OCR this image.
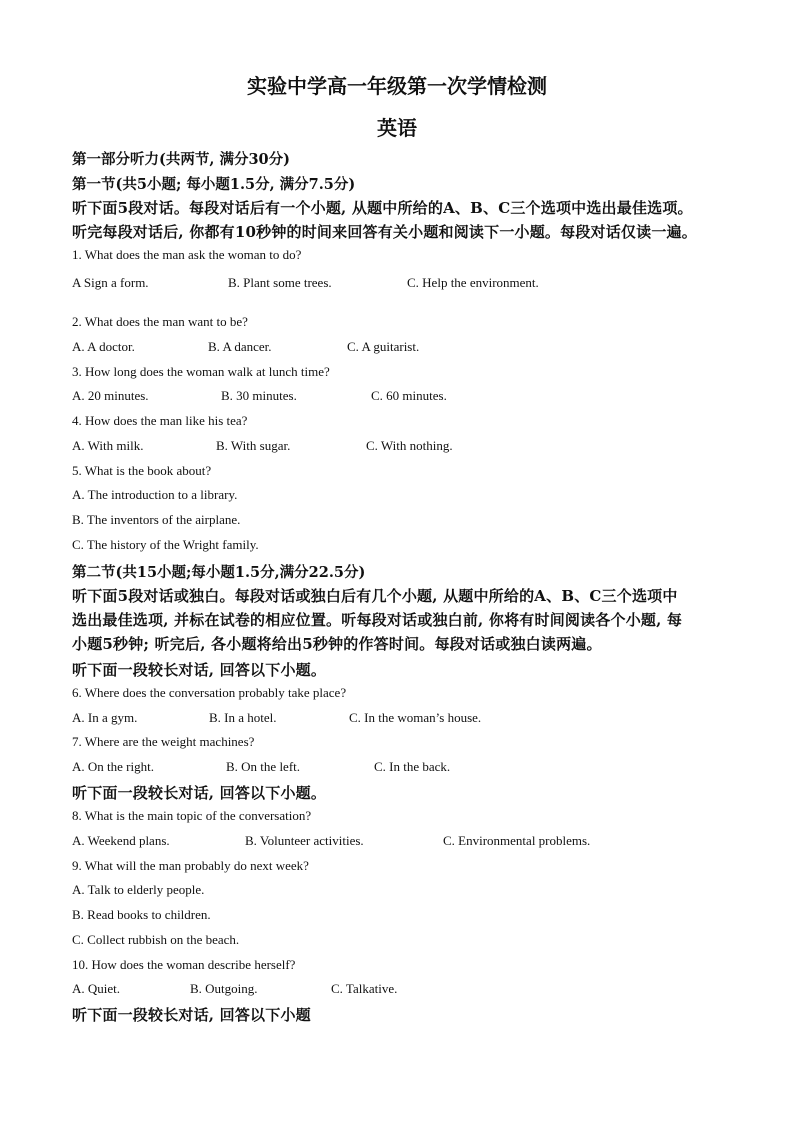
实验中学高一年级第一次学情检测
英语
第一部分听力(共两节, 满分30分)
第一节(共5小题; 每小题1.5分, 满分7.5分)
听下面5段对话。每段对话后有一个小题, 从题中所给的A、B、C三个选项中选出最佳选项。
听完每段对话后, 你都有10秒钟的时间来回答有关小题和阅读下一小题。每段对话仅读一遍。
1. What does the man ask the woman to do?
A Sign a form.	B. Plant some trees.	C. Help the environment.
2. What does the man want to be?
A. A doctor.	B. A dancer.	C. A guitarist.
3. How long does the woman walk at lunch time?
A. 20 minutes.	B. 30 minutes.	C. 60 minutes.
4. How does the man like his tea?
A. With milk.	B. With sugar.	C. With nothing.
5. What is the book about?
A. The introduction to a library.
B. The inventors of the airplane.
C. The history of the Wright family.
第二节(共15小题;每小题1.5分,满分22.5分)
听下面5段对话或独白。每段对话或独白后有几个小题, 从题中所给的A、B、C三个选项中
选出最佳选项, 并标在试卷的相应位置。听每段对话或独白前, 你将有时间阅读各个小题, 每
小题5秒钟; 听完后, 各小题将给出5秒钟的作答时间。每段对话或独白读两遍。
听下面一段较长对话, 回答以下小题。
6. Where does the conversation probably take place?
A. In a gym.	B. In a hotel.	C. In the woman’s house.
7. Where are the weight machines?
A. On the right.	B. On the left.	C. In the back.
听下面一段较长对话, 回答以下小题。
8. What is the main topic of the conversation?
A. Weekend plans.	B. Volunteer activities.	C. Environmental problems.
9. What will the man probably do next week?
A. Talk to elderly people.
B. Read books to children.
C. Collect rubbish on the beach.
10. How does the woman describe herself?
A. Quiet.	B. Outgoing.	C. Talkative.
听下面一段较长对话, 回答以下小题
